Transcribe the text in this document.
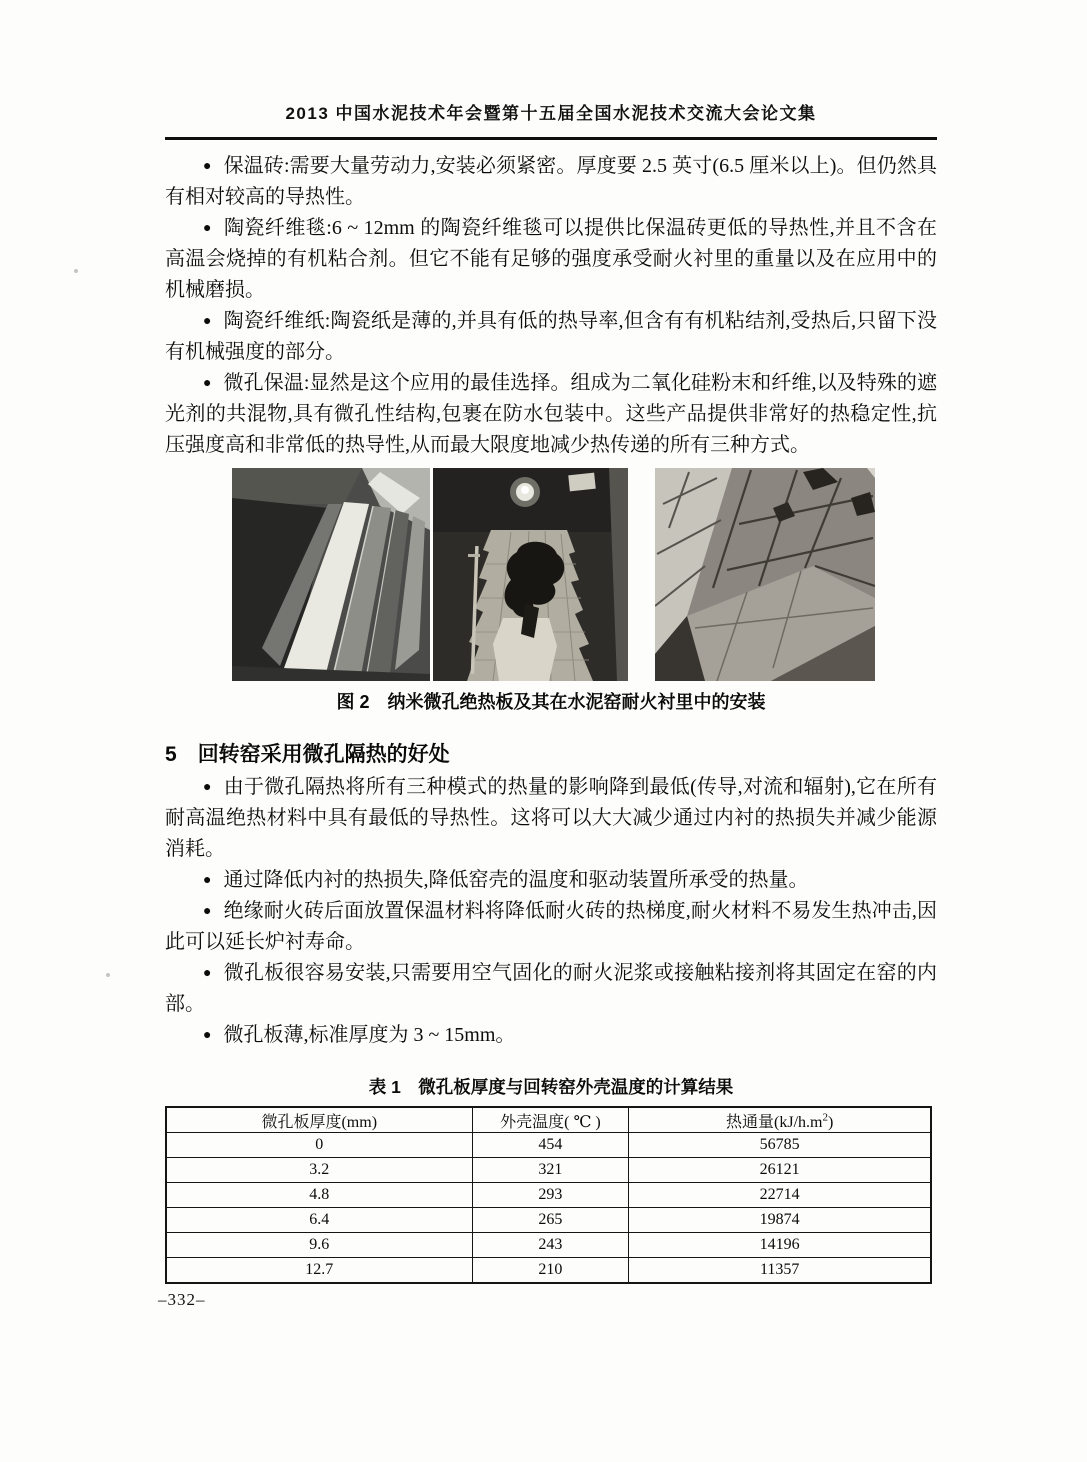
2013 中国水泥技术年会暨第十五届全国水泥技术交流大会论文集

● 保温砖:需要大量劳动力,安装必须紧密。厚度要 2.5 英寸(6.5 厘米以上)。但仍然具有相对较高的导热性。

● 陶瓷纤维毯:6 ~ 12mm 的陶瓷纤维毯可以提供比保温砖更低的导热性,并且不含在高温会烧掉的有机粘合剂。但它不能有足够的强度承受耐火衬里的重量以及在应用中的机械磨损。

● 陶瓷纤维纸:陶瓷纸是薄的,并具有低的热导率,但含有有机粘结剂,受热后,只留下没有机械强度的部分。

● 微孔保温:显然是这个应用的最佳选择。组成为二氧化硅粉末和纤维,以及特殊的遮光剂的共混物,具有微孔性结构,包裹在防水包装中。这些产品提供非常好的热稳定性,抗压强度高和非常低的热导性,从而最大限度地减少热传递的所有三种方式。

图 2　纳米微孔绝热板及其在水泥窑耐火衬里中的安装
5 回转窑采用微孔隔热的好处

● 由于微孔隔热将所有三种模式的热量的影响降到最低(传导,对流和辐射),它在所有耐高温绝热材料中具有最低的导热性。这将可以大大减少通过内衬的热损失并减少能源消耗。

● 通过降低内衬的热损失,降低窑壳的温度和驱动装置所承受的热量。

● 绝缘耐火砖后面放置保温材料将降低耐火砖的热梯度,耐火材料不易发生热冲击,因此可以延长炉衬寿命。

● 微孔板很容易安装,只需要用空气固化的耐火泥浆或接触粘接剂将其固定在窑的内部。

● 微孔板薄,标准厚度为 3 ~ 15mm。

表 1　微孔板厚度与回转窑外壳温度的计算结果
微孔板厚度(mm)	外壳温度( ℃ )	热通量$(kJ/h.m^2)$
0	454	56785
3.2	321	26121
4.8	293	22714
6.4	265	19874
9.6	243	14196
12.7	210	11357
–332–
